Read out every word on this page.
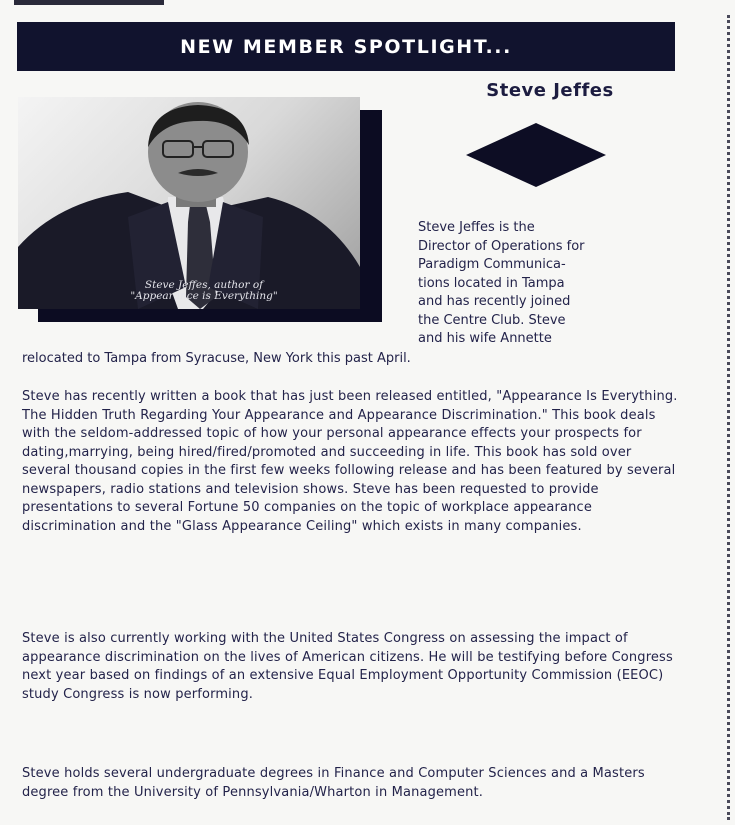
NEW MEMBER SPOTLIGHT...
Steve Jeffes
Steve Jeffes, author of
"Appearance is Everything"
Steve Jeffes is the
Director of Operations for
Paradigm Communica-
tions located in Tampa
and has recently joined
the Centre Club. Steve
and his wife Annette
relocated to Tampa from Syracuse, New York this past April.

Steve has recently written a book that has just been released entitled, "Appearance Is Everything. The Hidden Truth Regarding Your Appearance and Appearance Discrimination." This book deals with the seldom-addressed topic of how your personal appearance effects your prospects for dating,marrying, being hired/fired/promoted and succeeding in life. This book has sold over several thousand copies in the first few weeks following release and has been featured by several newspapers, radio stations and television shows. Steve has been requested to provide presentations to several Fortune 50 companies on the topic of workplace appearance discrimination and the "Glass Appearance Ceiling" which exists in many companies.

Steve is also currently working with the United States Congress on assessing the impact of appearance discrimination on the lives of American citizens. He will be testifying before Congress next year based on findings of an extensive Equal Employment Opportunity Commission (EEOC) study Congress is now performing.

Steve holds several undergraduate degrees in Finance and Computer Sciences and a Masters degree from the University of Pennsylvania/Wharton in Management.
